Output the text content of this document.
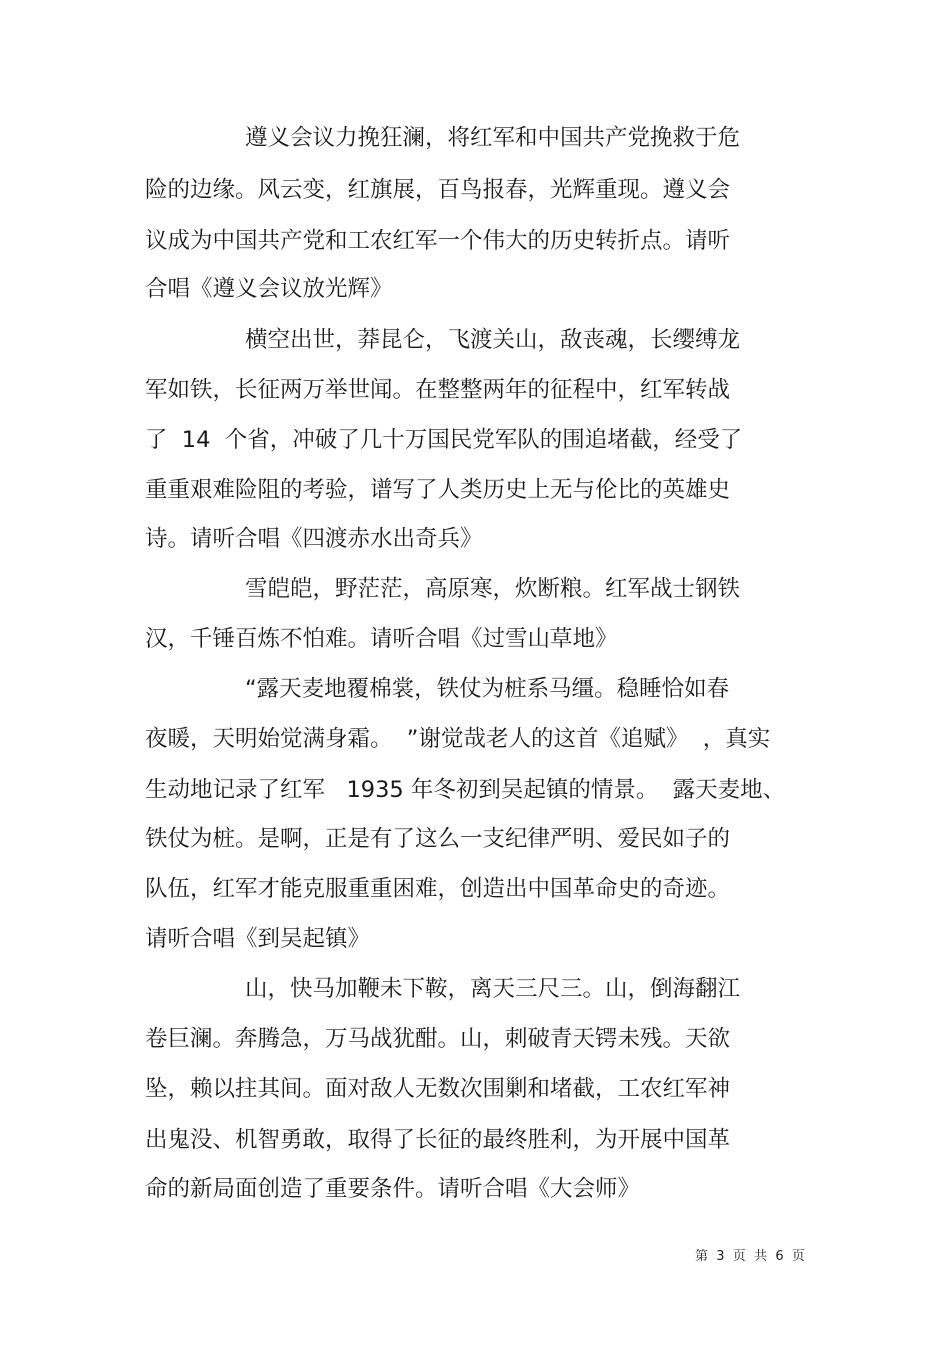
遵义会议力挽狂澜，将红军和中国共产党挽救于危
险的边缘。风云变，红旗展，百鸟报春，光辉重现。遵义会
议成为中国共产党和工农红军一个伟大的历史转折点。请听
合唱《遵义会议放光辉》
横空出世，莽昆仑，飞渡关山，敌丧魂，长缨缚龙
军如铁，长征两万举世闻。在整整两年的征程中，红军转战
了  14  个省，冲破了几十万国民党军队的围追堵截，经受了
重重艰难险阻的考验，谱写了人类历史上无与伦比的英雄史
诗。请听合唱《四渡赤水出奇兵》
雪皑皑，野茫茫，高原寒，炊断粮。红军战士钢铁
汉，千锤百炼不怕难。请听合唱《过雪山草地》
“露天麦地覆棉裳，铁仗为桩系马缰。稳睡恰如春
夜暖，天明始觉满身霜。  ”谢觉哉老人的这首《追赋》  ，真实
生动地记录了红军   1935 年冬初到吴起镇的情景。  露天麦地、
铁仗为桩。是啊，正是有了这么一支纪律严明、爱民如子的
队伍，红军才能克服重重困难，创造出中国革命史的奇迹。
请听合唱《到吴起镇》
山，快马加鞭未下鞍，离天三尺三。山，倒海翻江
卷巨澜。奔腾急，万马战犹酣。山，刺破青天锷未残。天欲
坠，赖以拄其间。面对敌人无数次围剿和堵截，工农红军神
出鬼没、机智勇敢，取得了长征的最终胜利，为开展中国革
命的新局面创造了重要条件。请听合唱《大会师》
第  3  页  共  6  页
